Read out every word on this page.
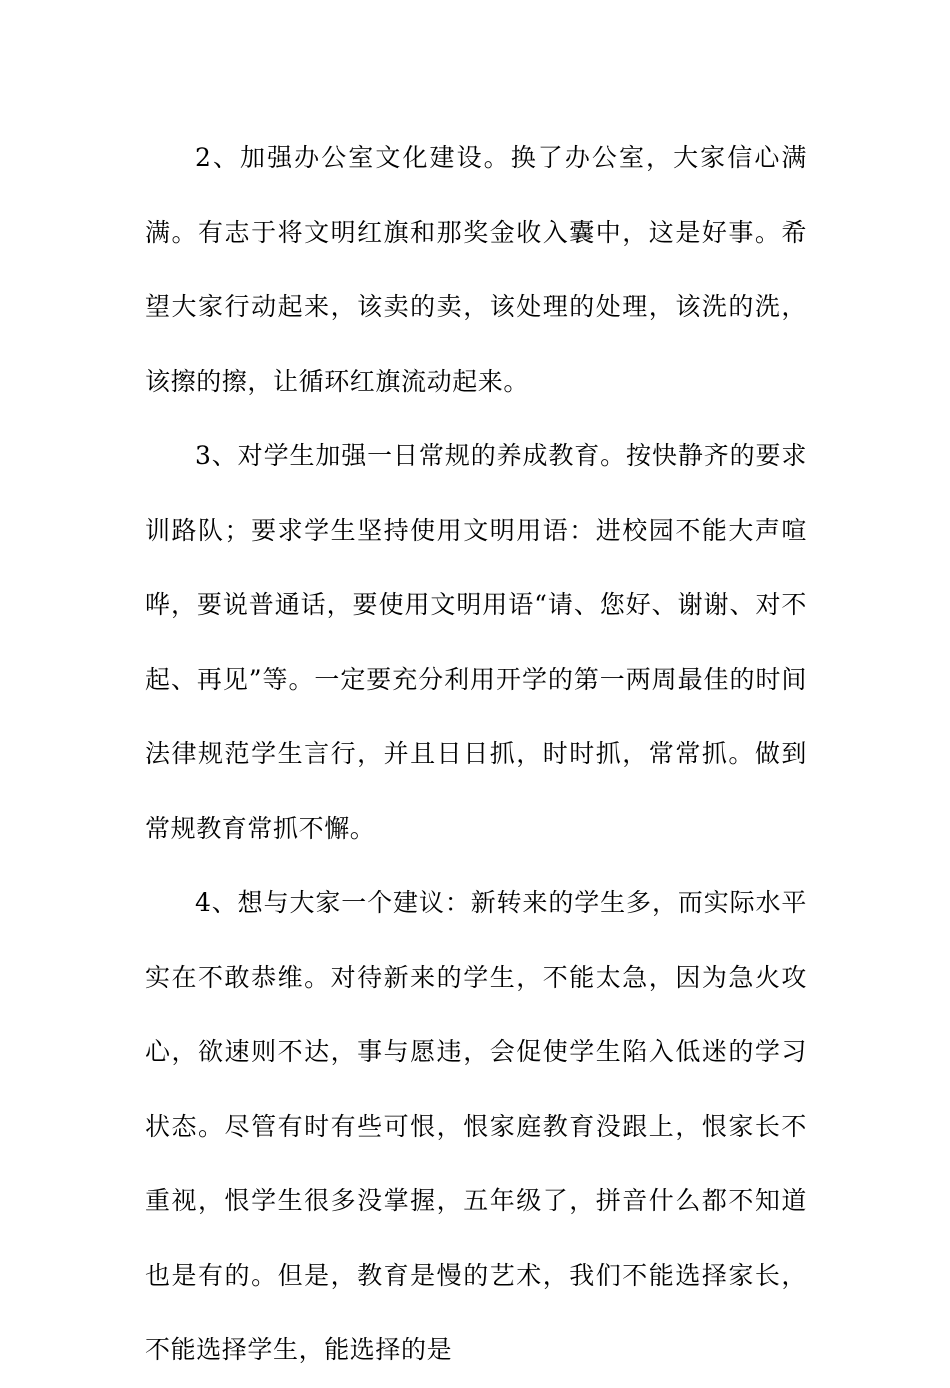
2、加强办公室文化建设。换了办公室，大家信心满满。有志于将文明红旗和那奖金收入囊中，这是好事。希望大家行动起来，该卖的卖，该处理的处理，该洗的洗，该擦的擦，让循环红旗流动起来。

3、对学生加强一日常规的养成教育。按快静齐的要求训路队；要求学生坚持使用文明用语：进校园不能大声喧哗，要说普通话，要使用文明用语“请、您好、谢谢、对不起、再见”等。一定要充分利用开学的第一两周最佳的时间法律规范学生言行，并且日日抓，时时抓，常常抓。做到常规教育常抓不懈。

4、想与大家一个建议：新转来的学生多，而实际水平实在不敢恭维。对待新来的学生，不能太急，因为急火攻心，欲速则不达，事与愿违，会促使学生陷入低迷的学习状态。尽管有时有些可恨，恨家庭教育没跟上，恨家长不重视，恨学生很多没掌握，五年级了，拼音什么都不知道也是有的。但是，教育是慢的艺术，我们不能选择家长，不能选择学生，能选择的是
